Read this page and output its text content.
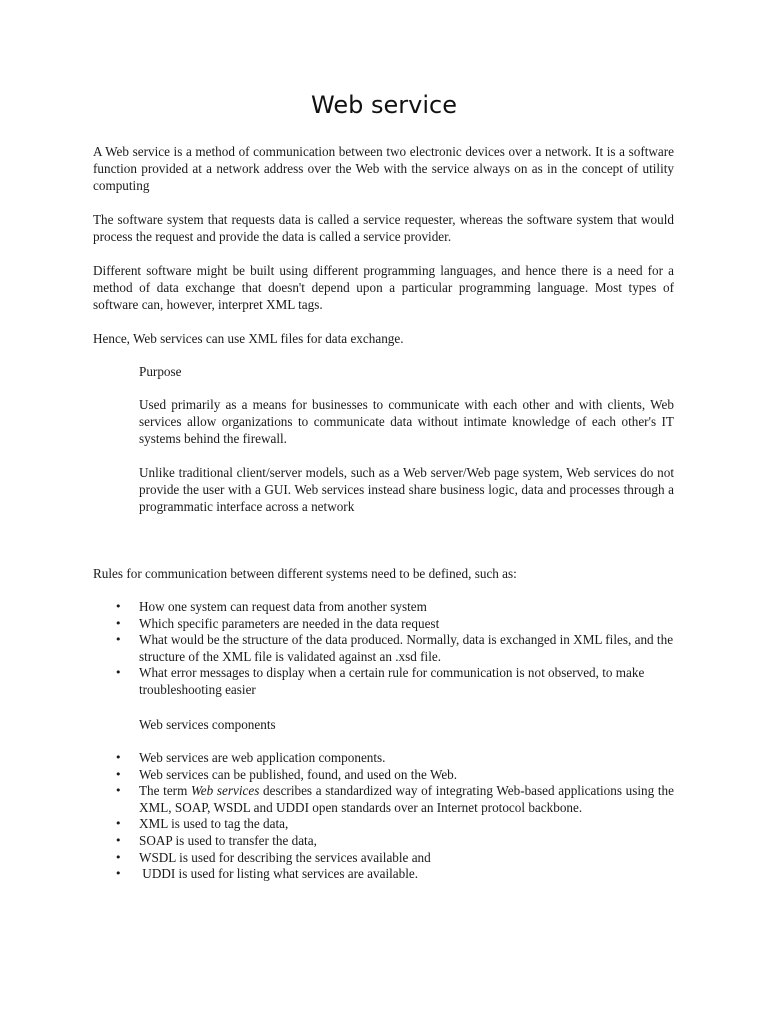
Web service

A Web service is a method of communication between two electronic devices over a network. It is a software function provided at a network address over the Web with the service always on as in the concept of utility computing

The software system that requests data is called a service requester, whereas the software system that would process the request and provide the data is called a service provider.

Different software might be built using different programming languages, and hence there is a need for a method of data exchange that doesn't depend upon a particular programming language. Most types of software can, however, interpret XML tags.

Hence, Web services can use XML files for data exchange.

Purpose

Used primarily as a means for businesses to communicate with each other and with clients, Web services allow organizations to communicate data without intimate knowledge of each other's IT systems behind the firewall.

Unlike traditional client/server models, such as a Web server/Web page system, Web services do not provide the user with a GUI. Web services instead share business logic, data and processes through a programmatic interface across a network

Rules for communication between different systems need to be defined, such as:

• How one system can request data from another system
• Which specific parameters are needed in the data request
• What would be the structure of the data produced. Normally, data is exchanged in XML files, and the structure of the XML file is validated against an .xsd file.
• What error messages to display when a certain rule for communication is not observed, to make troubleshooting easier

Web services components

• Web services are web application components.
• Web services can be published, found, and used on the Web.
• The term Web services describes a standardized way of integrating Web-based applications using the XML, SOAP, WSDL and UDDI open standards over an Internet protocol backbone.
• XML is used to tag the data,
• SOAP is used to transfer the data,
• WSDL is used for describing the services available and
•  UDDI is used for listing what services are available.
